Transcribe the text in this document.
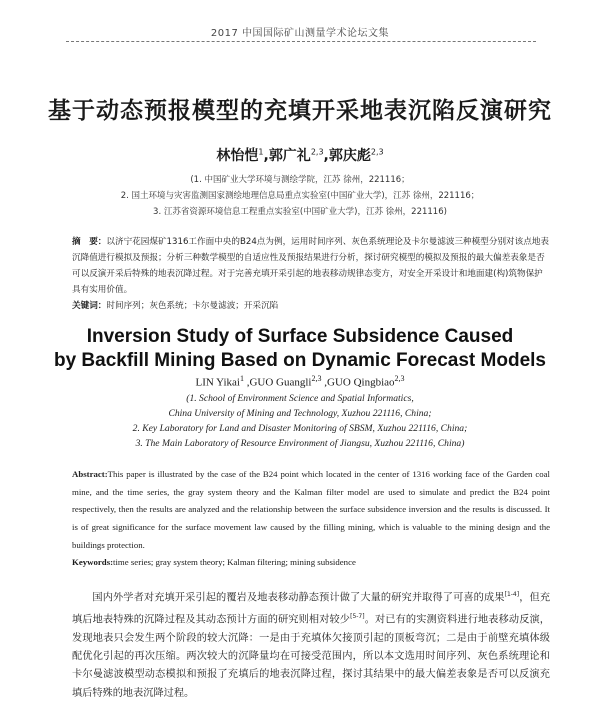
2017 中国国际矿山测量学术论坛文集
基于动态预报模型的充填开采地表沉陷反演研究
林怡恺$^1$,郭广礼$^{2,3}$,郭庆彪$^{2,3}$
(1. 中国矿业大学环境与测绘学院，江苏 徐州，221116；
2. 国土环境与灾害监测国家测绘地理信息局重点实验室(中国矿业大学)，江苏 徐州，221116；
3. 江苏省资源环境信息工程重点实验室(中国矿业大学)，江苏 徐州，221116)
摘　要：以济宁花园煤矿1316工作面中央的B24点为例，运用时间序列、灰色系统理论及卡尔曼滤波三种模型分别对该点地表沉降值进行模拟及预报；分析三种数学模型的自适应性及预报结果进行分析，探讨研究模型的模拟及预报的最大偏差表象是否可以反演开采后特殊的地表沉降过程。对于完善充填开采引起的地表移动规律态变方，对安全开采设计和地面建(构)筑物保护具有实用价值。
关键词：时间序列；灰色系统；卡尔曼滤波；开采沉陷
Inversion Study of Surface Subsidence Caused
by Backfill Mining Based on Dynamic Forecast Models
LIN Yikai$^1$ ,GUO Guangli$^{2,3}$ ,GUO Qingbiao$^{2,3}$
(1. School of Environment Science and Spatial Informatics,
China University of Mining and Technology, Xuzhou 221116, China;
2. Key Laboratory for Land and Disaster Monitoring of SBSM, Xuzhou 221116, China;
3. The Main Laboratory of Resource Environment of Jiangsu, Xuzhou 221116, China)
Abstract:This paper is illustrated by the case of the B24 point which located in the center of 1316 working face of the Garden coal mine, and the time series, the gray system theory and the Kalman filter model are used to simulate and predict the B24 point respectively, then the results are analyzed and the relationship between the surface subsidence inversion and the results is discussed. It is of great significance for the surface movement law caused by the filling mining, which is valuable to the mining design and the buildings protection.
Keywords:time series; gray system theory; Kalman filtering; mining subsidence
国内外学者对充填开采引起的覆岩及地表移动静态预计做了大量的研究并取得了可喜的成果[1-4]，但充填后地表特殊的沉降过程及其动态预计方面的研究则相对较少[5-7]。对已有的实测资料进行地表移动反演，发现地表只会发生两个阶段的较大沉降：一是由于充填体欠接顶引起的顶板弯沉；二是由于前壁充填体级配优化引起的再次压缩。两次较大的沉降量均在可接受范围内，所以本文选用时间序列、灰色系统理论和卡尔曼滤波模型动态模拟和预报了充填后的地表沉降过程，探讨其结果中的最大偏差表象是否可以反演充填后特殊的地表沉降过程。
